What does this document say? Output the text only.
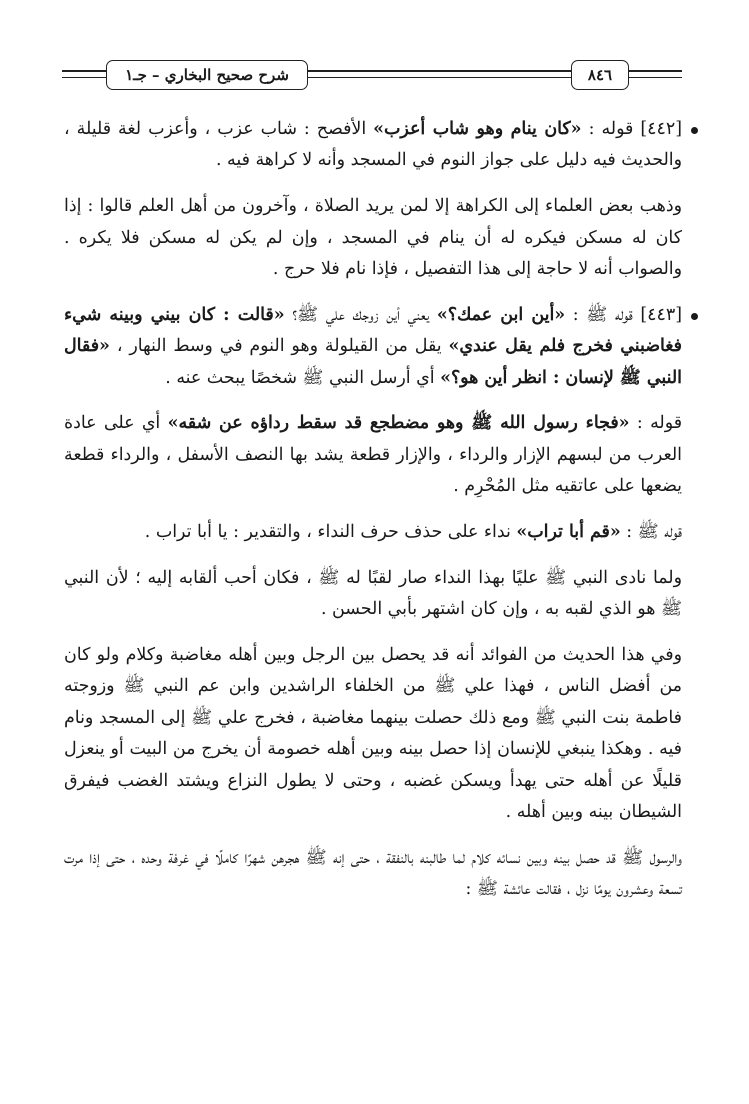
شرح صحيح البخاري – جـ١	٨٤٦

[٤٤٢] قوله : «كان ينام وهو شاب أعزب» الأفصح : شاب عزب ، وأعزب لغة قليلة ، والحديث فيه دليل على جواز النوم في المسجد وأنه لا كراهة فيه .

وذهب بعض العلماء إلى الكراهة إلا لمن يريد الصلاة ، وآخرون من أهل العلم قالوا : إذا كان له مسكن فيكره له أن ينام في المسجد ، وإن لم يكن له مسكن فلا يكره . والصواب أنه لا حاجة إلى هذا التفصيل ، فإذا نام فلا حرج .

[٤٤٣] قوله ﷺ : «أين ابن عمك؟» يعني أين زوجك علي ﷺ؟ «قالت : كان بيني وبينه شيء فغاضبني فخرج فلم يقل عندي» يقل من القيلولة وهو النوم في وسط النهار ، «فقال النبي ﷺ لإنسان : انظر أين هو؟» أي أرسل النبي ﷺ شخصًا يبحث عنه .

قوله : «فجاء رسول الله ﷺ وهو مضطجع قد سقط رداؤه عن شقه» أي على عادة العرب من لبسهم الإزار والرداء ، والإزار قطعة يشد بها النصف الأسفل ، والرداء قطعة يضعها على عاتقيه مثل المُحْرِم .

قوله ﷺ : «قم أبا تراب» نداء على حذف حرف النداء ، والتقدير : يا أبا تراب .

ولما نادى النبي ﷺ عليًا بهذا النداء صار لقبًا له ﷺ ، فكان أحب ألقابه إليه ؛ لأن النبي ﷺ هو الذي لقبه به ، وإن كان اشتهر بأبي الحسن .

وفي هذا الحديث من الفوائد أنه قد يحصل بين الرجل وبين أهله مغاضبة وكلام ولو كان من أفضل الناس ، فهذا علي ﷺ من الخلفاء الراشدين وابن عم النبي ﷺ وزوجته فاطمة بنت النبي ﷺ ومع ذلك حصلت بينهما مغاضبة ، فخرج علي ﷺ إلى المسجد ونام فيه . وهكذا ينبغي للإنسان إذا حصل بينه وبين أهله خصومة أن يخرج من البيت أو ينعزل قليلًا عن أهله حتى يهدأ ويسكن غضبه ، وحتى لا يطول النزاع ويشتد الغضب فيفرق الشيطان بينه وبين أهله .

والرسول ﷺ قد حصل بينه وبين نسائه كلام لما طالبنه بالنفقة ، حتى إنه ﷺ هجرهن شهرًا كاملًا في غرفة وحده ، حتى إذا مرت تسعة وعشرون يومًا نزل ، فقالت عائشة ﷺ :
